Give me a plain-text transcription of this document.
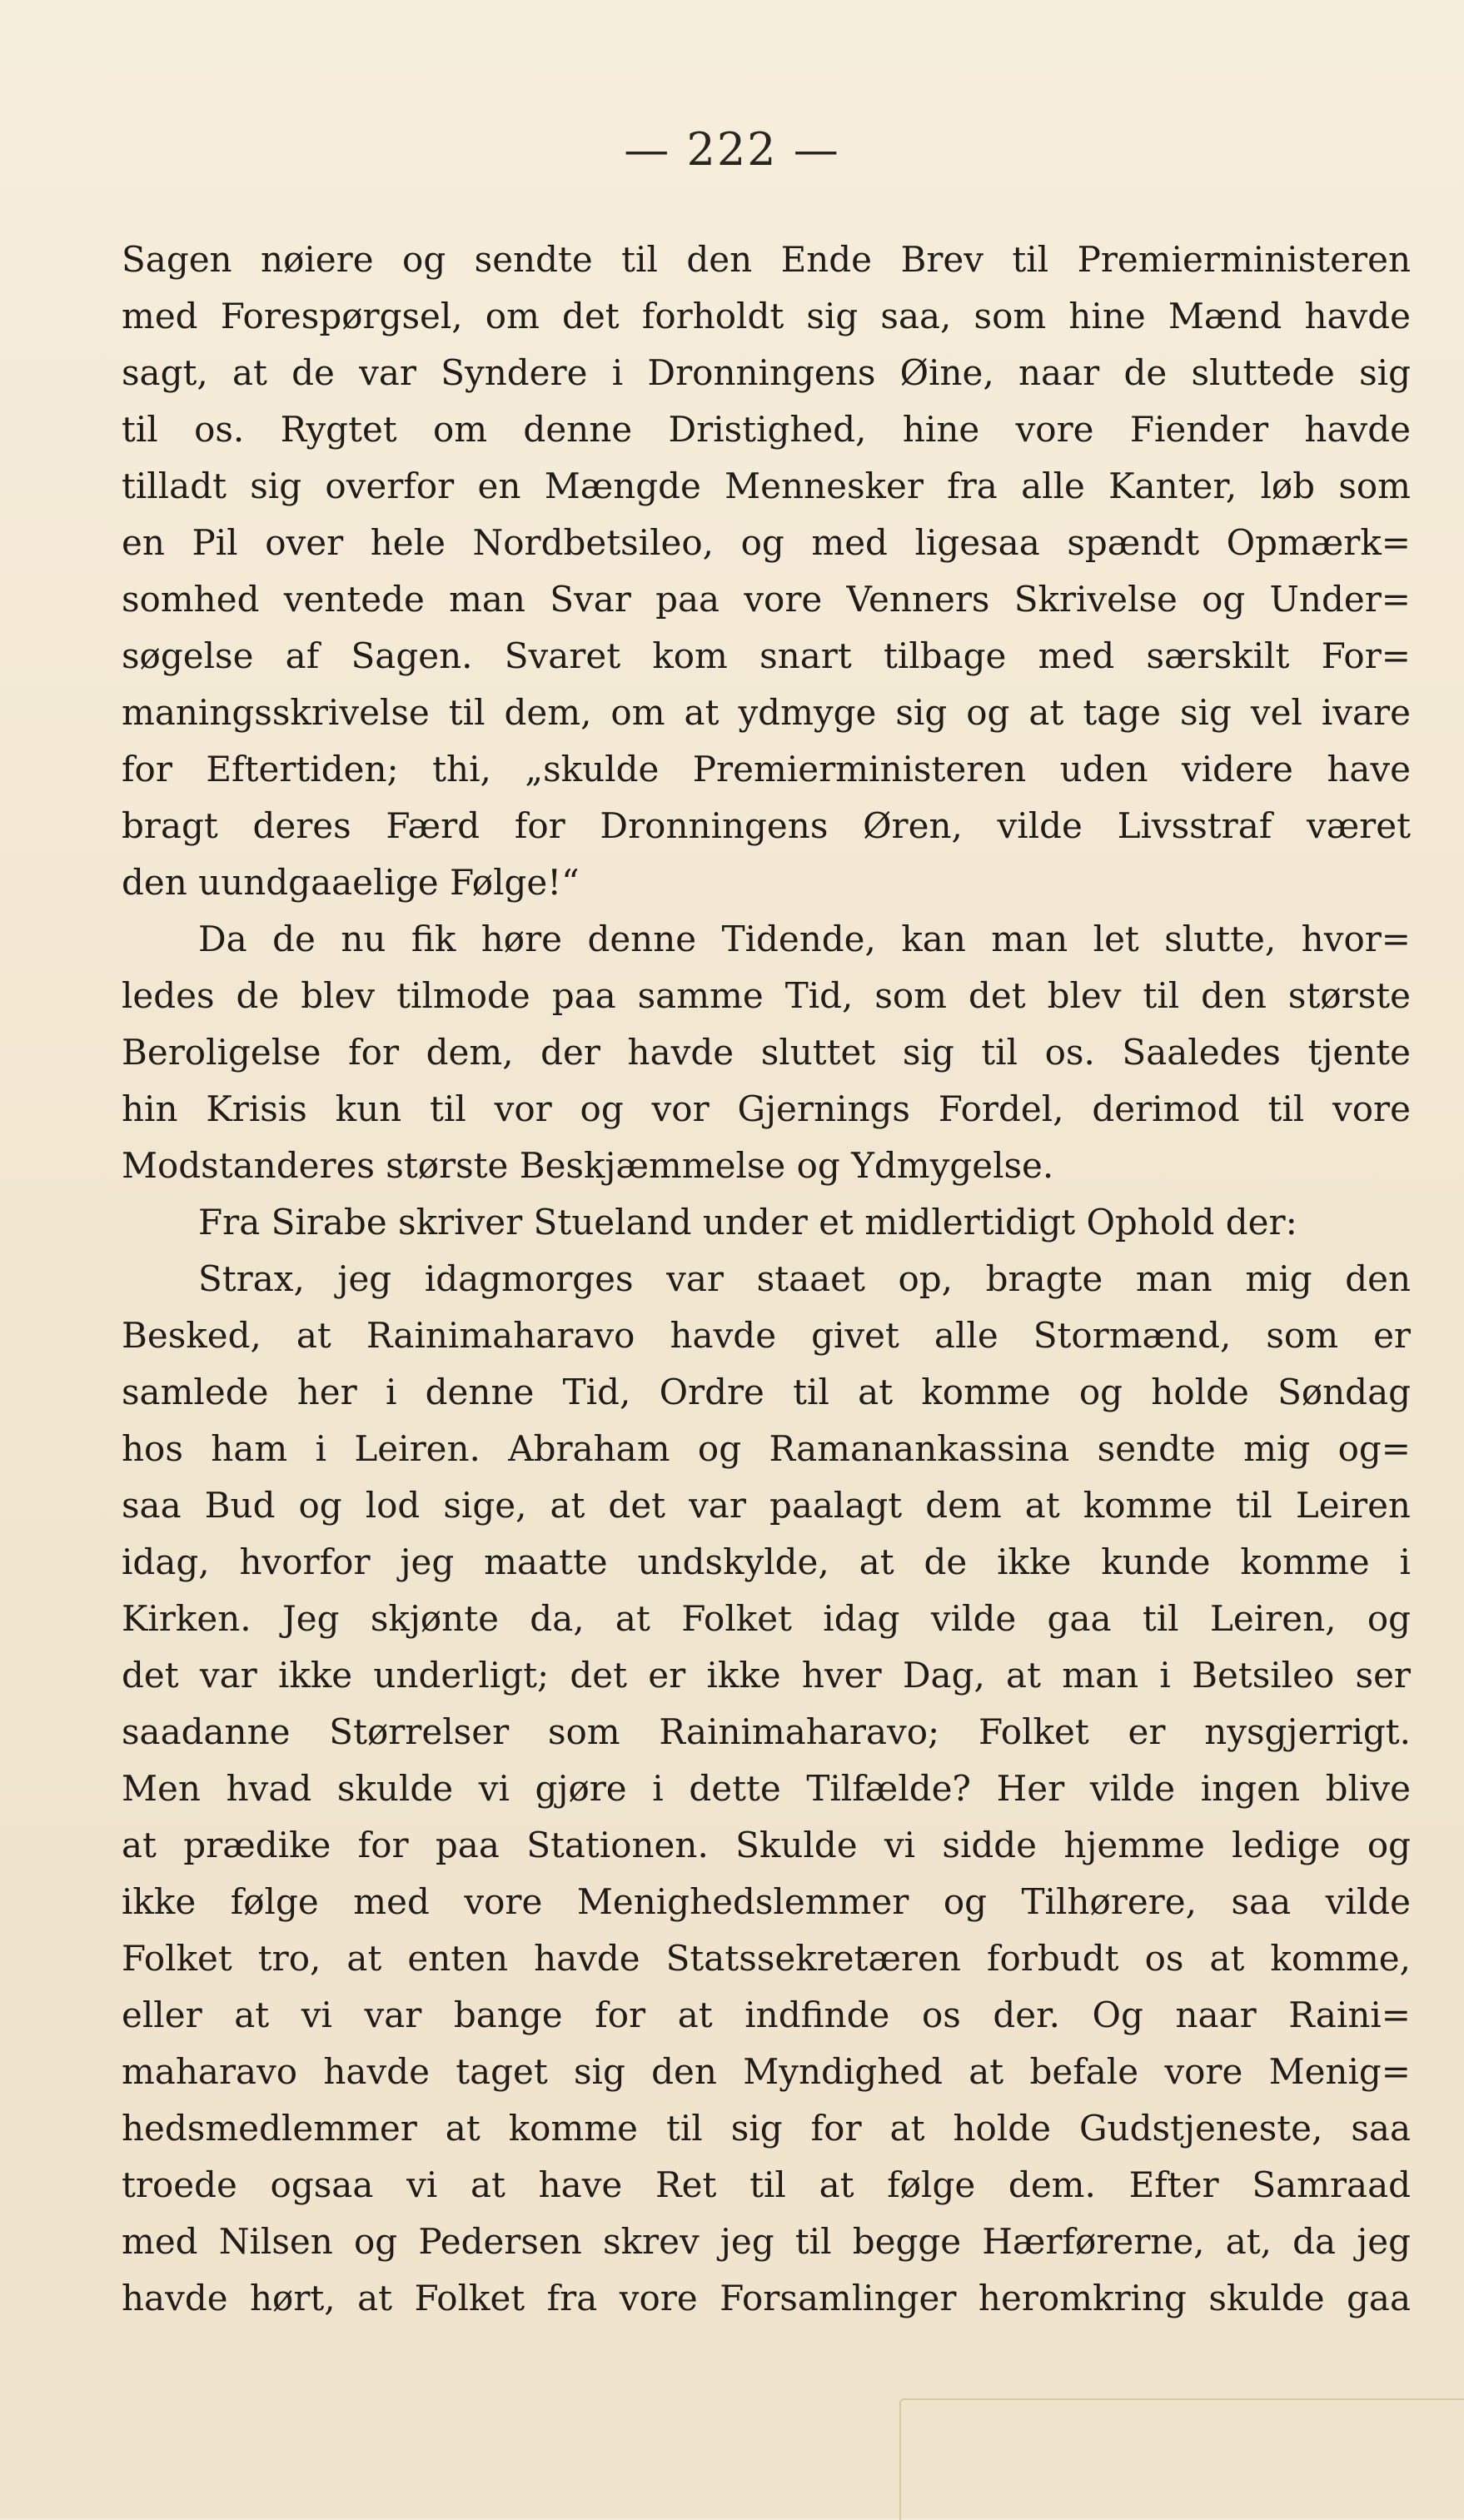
— 222 —
Sagen nøiere og sendte til den Ende Brev til Premierministeren
med Forespørgsel, om det forholdt sig saa, som hine Mænd havde
sagt, at de var Syndere i Dronningens Øine, naar de sluttede sig
til os. Rygtet om denne Dristighed, hine vore Fiender havde
tilladt sig overfor en Mængde Mennesker fra alle Kanter, løb som
en Pil over hele Nordbetsileo, og med ligesaa spændt Opmærk=
somhed ventede man Svar paa vore Venners Skrivelse og Under=
søgelse af Sagen. Svaret kom snart tilbage med særskilt For=
maningsskrivelse til dem, om at ydmyge sig og at tage sig vel ivare
for Eftertiden; thi, „skulde Premierministeren uden videre have
bragt deres Færd for Dronningens Øren, vilde Livsstraf været
den uundgaaelige Følge!“
Da de nu fik høre denne Tidende, kan man let slutte, hvor=
ledes de blev tilmode paa samme Tid, som det blev til den største
Beroligelse for dem, der havde sluttet sig til os. Saaledes tjente
hin Krisis kun til vor og vor Gjernings Fordel, derimod til vore
Modstanderes største Beskjæmmelse og Ydmygelse.
Fra Sirabe skriver Stueland under et midlertidigt Ophold der:
Strax, jeg idagmorges var staaet op, bragte man mig den
Besked, at Rainimaharavo havde givet alle Stormænd, som er
samlede her i denne Tid, Ordre til at komme og holde Søndag
hos ham i Leiren. Abraham og Ramanankassina sendte mig og=
saa Bud og lod sige, at det var paalagt dem at komme til Leiren
idag, hvorfor jeg maatte undskylde, at de ikke kunde komme i
Kirken. Jeg skjønte da, at Folket idag vilde gaa til Leiren, og
det var ikke underligt; det er ikke hver Dag, at man i Betsileo ser
saadanne Størrelser som Rainimaharavo; Folket er nysgjerrigt.
Men hvad skulde vi gjøre i dette Tilfælde? Her vilde ingen blive
at prædike for paa Stationen. Skulde vi sidde hjemme ledige og
ikke følge med vore Menighedslemmer og Tilhørere, saa vilde
Folket tro, at enten havde Statssekretæren forbudt os at komme,
eller at vi var bange for at indfinde os der. Og naar Raini=
maharavo havde taget sig den Myndighed at befale vore Menig=
hedsmedlemmer at komme til sig for at holde Gudstjeneste, saa
troede ogsaa vi at have Ret til at følge dem. Efter Samraad
med Nilsen og Pedersen skrev jeg til begge Hærførerne, at, da jeg
havde hørt, at Folket fra vore Forsamlinger heromkring skulde gaa
